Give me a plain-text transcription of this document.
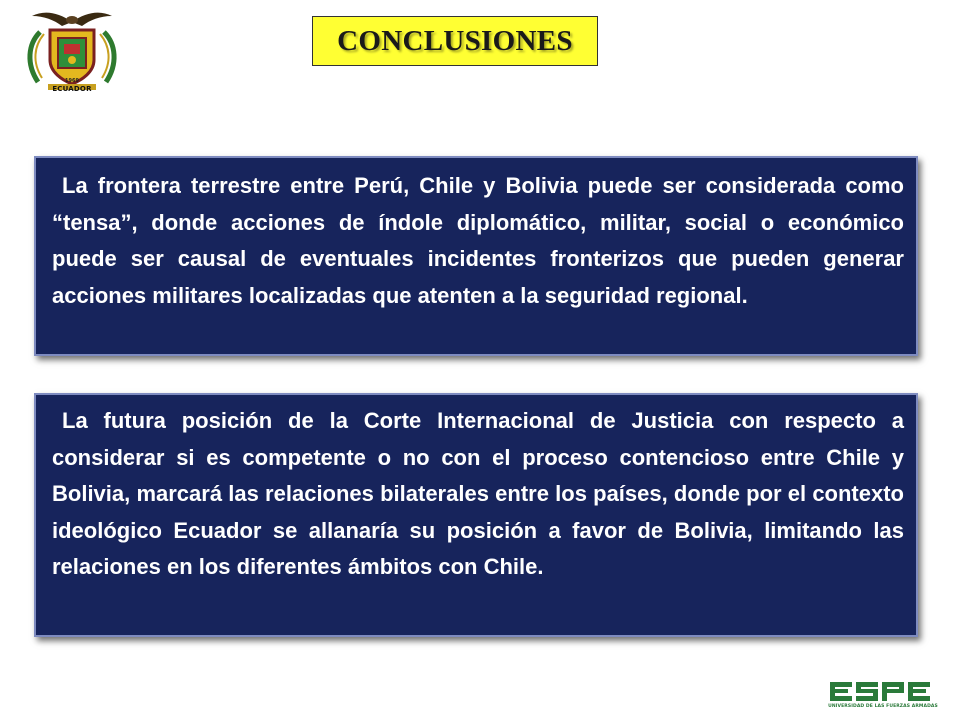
1969
ECUADOR
CONCLUSIONES

La frontera terrestre entre Perú, Chile y Bolivia puede ser considerada como “tensa”, donde acciones de índole diplomático, militar, social o económico puede ser causal de eventuales incidentes fronterizos que pueden generar acciones militares localizadas que atenten a la seguridad regional.

La futura posición de la Corte Internacional de Justicia con respecto a considerar si es competente o no con el proceso contencioso entre Chile y Bolivia, marcará las relaciones bilaterales entre los países, donde por el contexto ideológico Ecuador se allanaría su posición a favor de Bolivia, limitando las relaciones en los diferentes ámbitos con Chile.

UNIVERSIDAD DE LAS FUERZAS ARMADAS
